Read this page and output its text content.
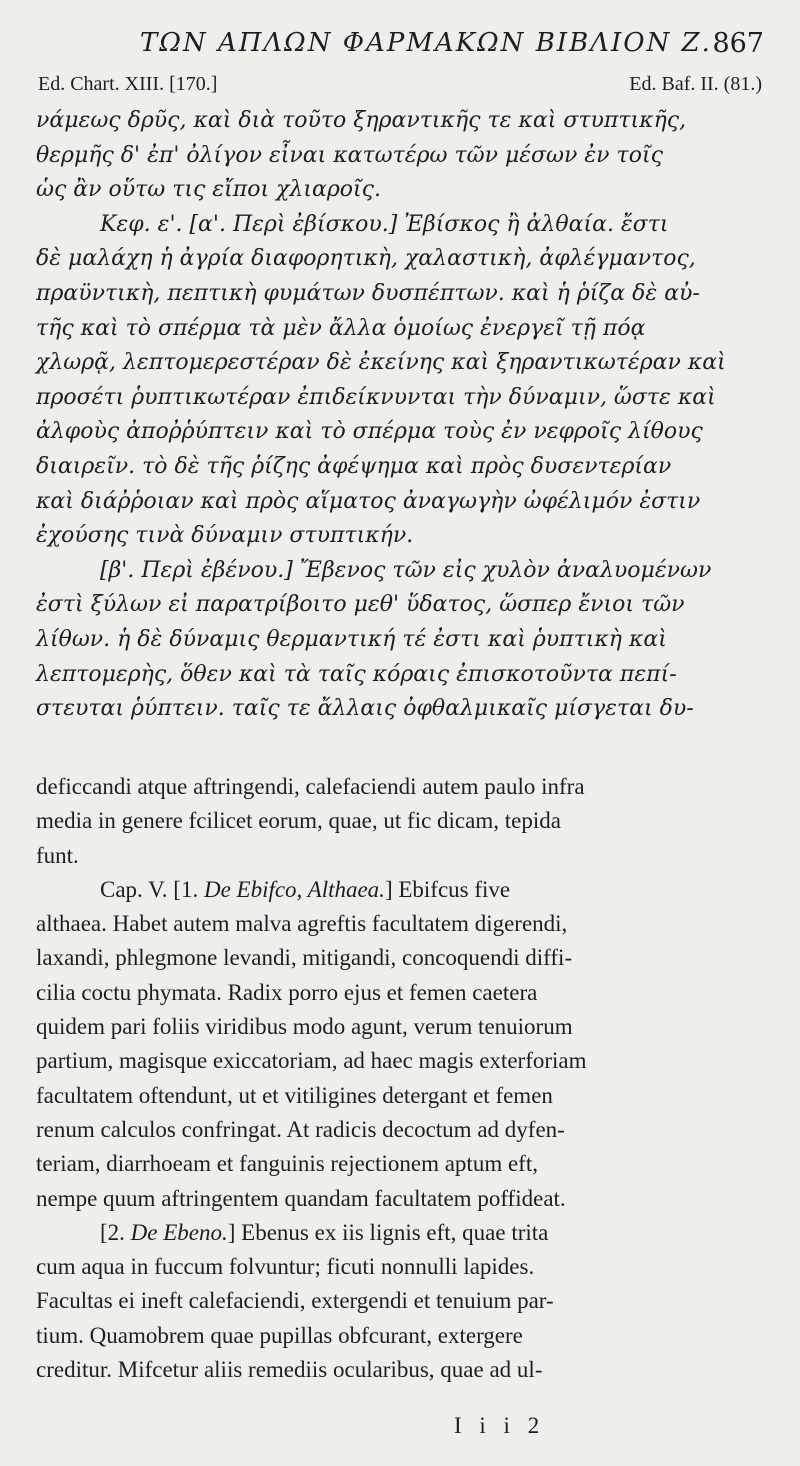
ΤΩΝ ΑΠΛΩΝ ΦΑΡΜΑΚΩΝ ΒΙΒΛΙΟΝ Ζ. 867
Ed. Chart. XIII. [170.]	Ed. Baf. II. (81.)
νάμεως δρῦς, καὶ διὰ τοῦτο ξηραντικῆς τε καὶ στυπτικῆς,
θερμῆς δ' ἐπ' ὀλίγον εἶναι κατωτέρω τῶν μέσων ἐν τοῖς
ὡς ἂν οὕτω τις εἴποι χλιαροῖς.
Κεφ. ε'. [α'. Περὶ ἐβίσκου.] Ἐβίσκος ἢ ἀλθαία. ἔστι
δὲ μαλάχη ἡ ἀγρία διαφορητικὴ, χαλαστικὴ, ἀφλέγμαντος,
πραϋντικὴ, πεπτικὴ φυμάτων δυσπέπτων. καὶ ἡ ῥίζα δὲ αὐ-
τῆς καὶ τὸ σπέρμα τὰ μὲν ἄλλα ὁμοίως ἐνεργεῖ τῇ πόᾳ
χλωρᾷ, λεπτομερεστέραν δὲ ἐκείνης καὶ ξηραντικωτέραν καὶ
προσέτι ῥυπτικωτέραν ἐπιδείκνυνται τὴν δύναμιν, ὥστε καὶ
ἀλφοὺς ἀποῤῥύπτειν καὶ τὸ σπέρμα τοὺς ἐν νεφροῖς λίθους
διαιρεῖν. τὸ δὲ τῆς ῥίζης ἀφέψημα καὶ πρὸς δυσεντερίαν
καὶ διάῤῥοιαν καὶ πρὸς αἵματος ἀναγωγὴν ὠφέλιμόν ἐστιν
ἐχούσης τινὰ δύναμιν στυπτικήν.
[β'. Περὶ ἐβένου.] Ἔβενος τῶν εἰς χυλὸν ἀναλυομένων
ἐστὶ ξύλων εἰ παρατρίβοιτο μεθ' ὕδατος, ὥσπερ ἔνιοι τῶν
λίθων. ἡ δὲ δύναμις θερμαντική τέ ἐστι καὶ ῥυπτικὴ καὶ
λεπτομερὴς, ὅθεν καὶ τὰ ταῖς κόραις ἐπισκοτοῦντα πεπί-
στευται ῥύπτειν. ταῖς τε ἄλλαις ὀφθαλμικαῖς μίσγεται δυ-
deficcandi atque aftringendi, calefaciendi autem paulo infra
media in genere fcilicet eorum, quae, ut fic dicam, tepida
funt.
Cap. V. [1. De Ebifco, Althaea.] Ebifcus five
althaea. Habet autem malva agreftis facultatem digerendi,
laxandi, phlegmone levandi, mitigandi, concoquendi diffi-
cilia coctu phymata. Radix porro ejus et femen caetera
quidem pari foliis viridibus modo agunt, verum tenuiorum
partium, magisque exiccatoriam, ad haec magis exterforiam
facultatem oftendunt, ut et vitiligines detergant et femen
renum calculos confringat. At radicis decoctum ad dyfen-
teriam, diarrhoeam et fanguinis rejectionem aptum eft,
nempe quum aftringentem quandam facultatem poffideat.
[2. De Ebeno.] Ebenus ex iis lignis eft, quae trita
cum aqua in fuccum folvuntur; ficuti nonnulli lapides.
Facultas ei ineft calefaciendi, extergendi et tenuium par-
tium. Quamobrem quae pupillas obfcurant, extergere
creditur. Mifcetur aliis remediis ocularibus, quae ad ul-
I i i 2
